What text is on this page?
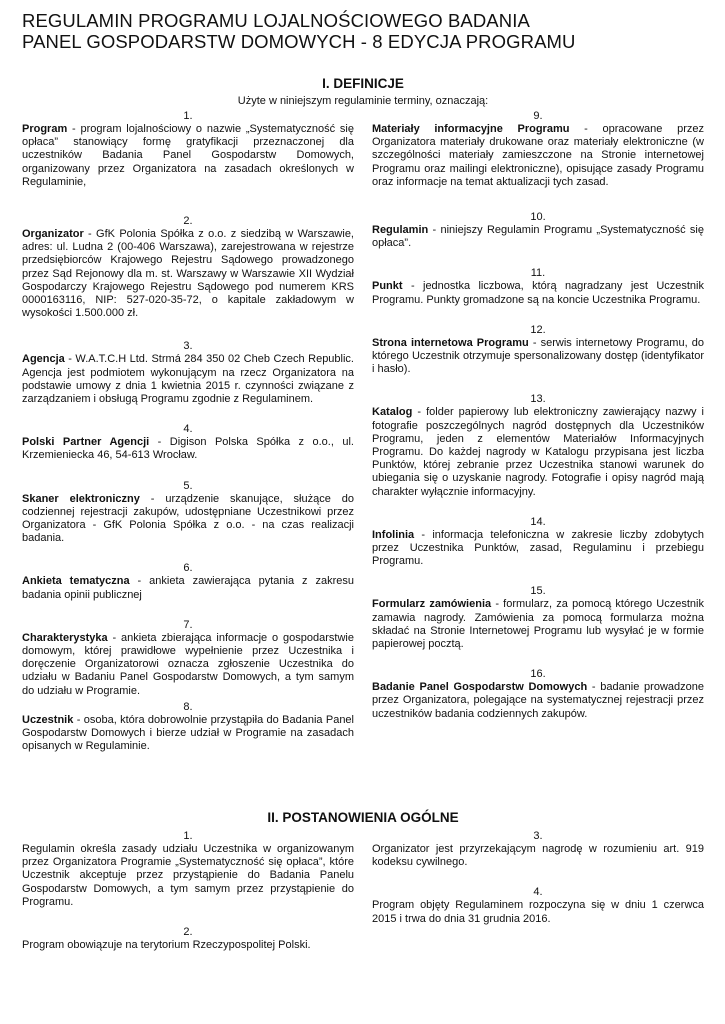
REGULAMIN PROGRAMU LOJALNOŚCIOWEGO BADANIA
PANEL GOSPODARSTW DOMOWYCH - 8 EDYCJA PROGRAMU
I. DEFINICJE

Użyte w niniejszym regulaminie terminy, oznaczają:

1.
Program - program lojalnościowy o nazwie „Systematyczność się opłaca” stanowiący formę gratyfikacji przeznaczonej dla uczestników Badania Panel Gospodarstw Domowych, organizowany przez Organizatora na zasadach określonych w Regulaminie,
2.
Organizator - GfK Polonia Spółka z o.o. z siedzibą w Warszawie, adres: ul. Ludna 2 (00-406 Warszawa), zarejestrowana w rejestrze przedsiębiorców Krajowego Rejestru Sądowego prowadzonego przez Sąd Rejonowy dla m. st. Warszawy w Warszawie XII Wydział Gospodarczy Krajowego Rejestru Sądowego pod numerem KRS 0000163116, NIP: 527-020-35-72, o kapitale zakładowym w wysokości 1.500.000 zł.
3.
Agencja - W.A.T.C.H Ltd. Strmá 284 350 02 Cheb Czech Republic. Agencja jest podmiotem wykonującym na rzecz Organizatora na podstawie umowy z dnia 1 kwietnia 2015 r. czynności związane z zarządzaniem i obsługą Programu zgodnie z Regulaminem.
4.
Polski Partner Agencji - Digison Polska Spółka z o.o., ul. Krzemieniecka 46, 54-613 Wrocław.
5.
Skaner elektroniczny - urządzenie skanujące, służące do codziennej rejestracji zakupów, udostępniane Uczestnikowi przez Organizatora - GfK Polonia Spółka z o.o. - na czas realizacji badania.
6.
Ankieta tematyczna - ankieta zawierająca pytania z zakresu badania opinii publicznej
7.
Charakterystyka - ankieta zbierająca informacje o gospodarstwie domowym, której prawidłowe wypełnienie przez Uczestnika i doręczenie Organizatorowi oznacza zgłoszenie Uczestnika do udziału w Badaniu Panel Gospodarstw Domowych, a tym samym do udziału w Programie.
8.
Uczestnik - osoba, która dobrowolnie przystąpiła do Badania Panel Gospodarstw Domowych i bierze udział w Programie na zasadach opisanych w Regulaminie.
9.
Materiały informacyjne Programu - opracowane przez Organizatora materiały drukowane oraz materiały elektroniczne (w szczególności materiały zamieszczone na Stronie internetowej Programu oraz mailingi elektroniczne), opisujące zasady Programu oraz informacje na temat aktualizacji tych zasad.
10.
Regulamin - niniejszy Regulamin Programu „Systematyczność się opłaca”.
11.
Punkt - jednostka liczbowa, którą nagradzany jest Uczestnik Programu. Punkty gromadzone są na koncie Uczestnika Programu.
12.
Strona internetowa Programu - serwis internetowy Programu, do którego Uczestnik otrzymuje spersonalizowany dostęp (identyfikator i hasło).
13.
Katalog - folder papierowy lub elektroniczny zawierający nazwy i fotografie poszczególnych nagród dostępnych dla Uczestników Programu, jeden z elementów Materiałów Informacyjnych Programu. Do każdej nagrody w Katalogu przypisana jest liczba Punktów, której zebranie przez Uczestnika stanowi warunek do ubiegania się o uzyskanie nagrody. Fotografie i opisy nagród mają charakter wyłącznie informacyjny.
14.
Infolinia - informacja telefoniczna w zakresie liczby zdobytych przez Uczestnika Punktów, zasad, Regulaminu i przebiegu Programu.
15.
Formularz zamówienia - formularz, za pomocą którego Uczestnik zamawia nagrody. Zamówienia za pomocą formularza można składać na Stronie Internetowej Programu lub wysyłać je w formie papierowej pocztą.
16.
Badanie Panel Gospodarstw Domowych - badanie prowadzone przez Organizatora, polegające na systematycznej rejestracji przez uczestników badania codziennych zakupów.
II. POSTANOWIENIA OGÓLNE
1.
Regulamin określa zasady udziału Uczestnika w organizowanym przez Organizatora Programie „Systematyczność się opłaca”, które Uczestnik akceptuje przez przystąpienie do Badania Panelu Gospodarstw Domowych, a tym samym przez przystąpienie do Programu.
2.
Program obowiązuje na terytorium Rzeczypospolitej Polski.
3.
Organizator jest przyrzekającym nagrodę w rozumieniu art. 919 kodeksu cywilnego.
4.
Program objęty Regulaminem rozpoczyna się w dniu 1 czerwca 2015 i trwa do dnia 31 grudnia 2016.
